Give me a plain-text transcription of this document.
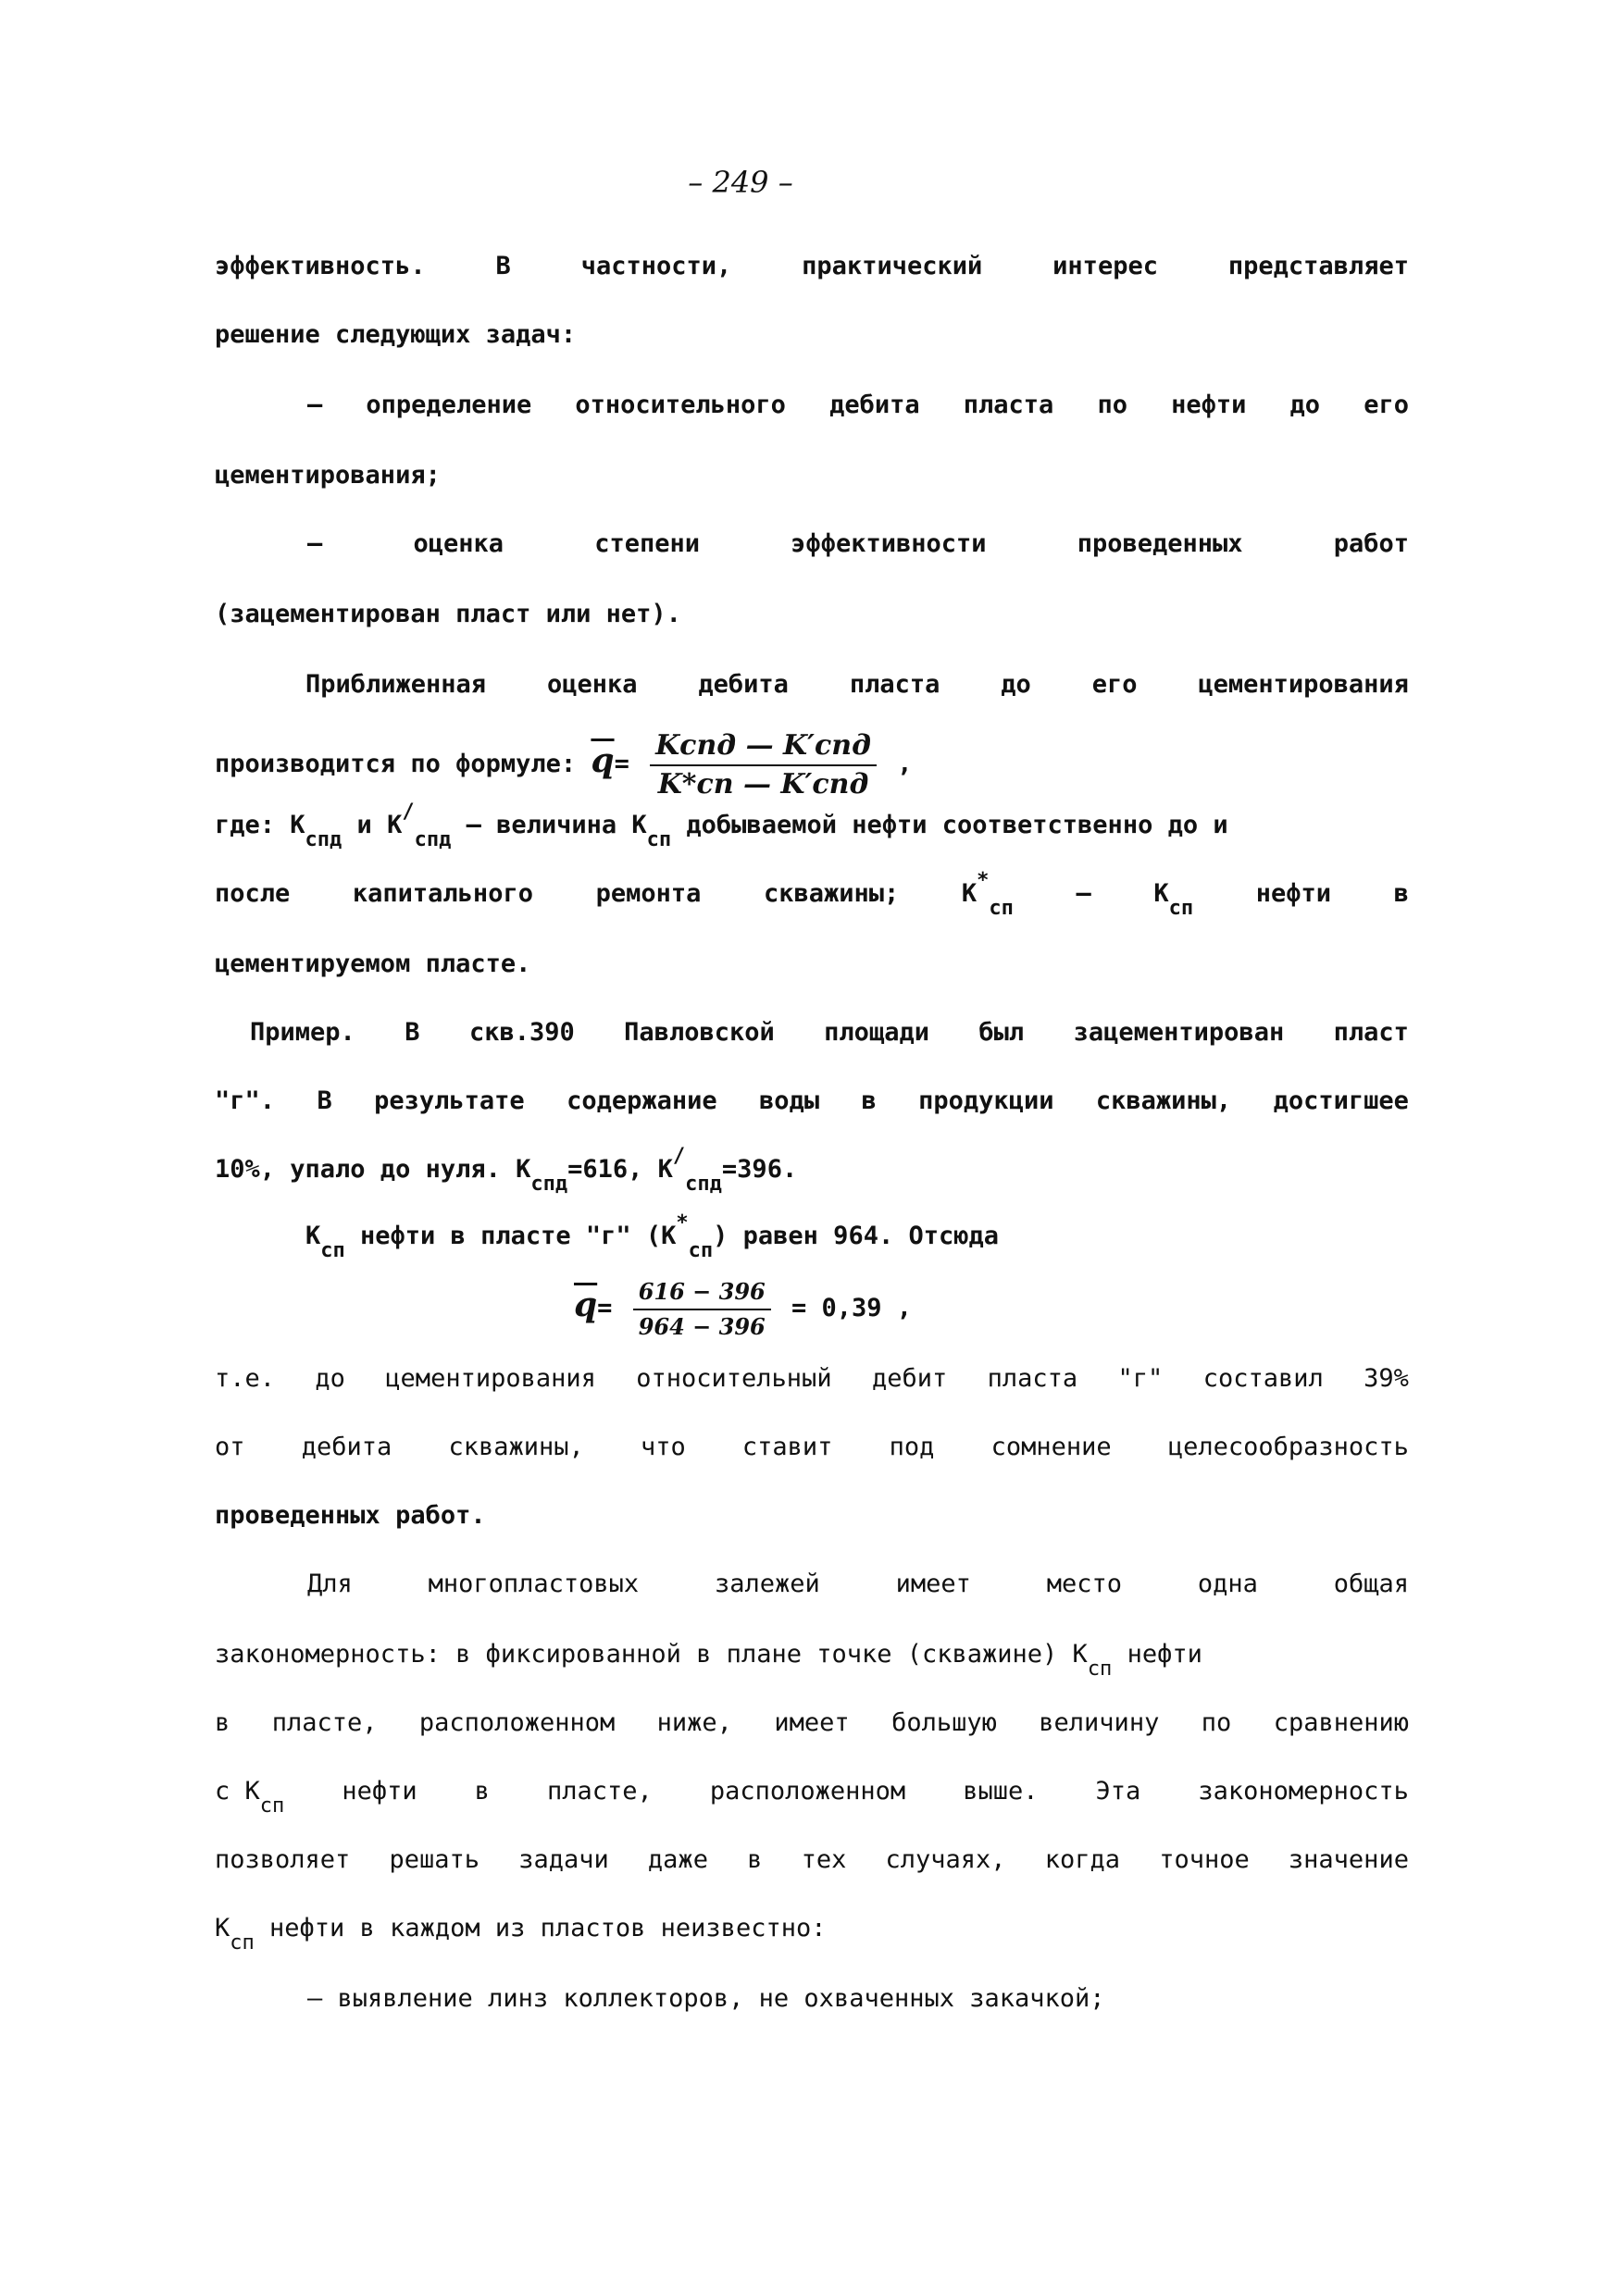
– 249 –
эффективность.	В	частности,	практический	интерес	представляет
решение следующих задач:
– определение относительного дебита пласта по нефти до его
цементирования;
–	оценка	степени	эффективности	проведенных	работ
(зацементирован пласт или нет).
Приближенная оценка дебита пласта до его цементирования
производится по формуле: $\overline{q}= \frac{\text{Kспд — K′спд}}{\text{K*сп — K′спд}}$ ,
где: $K_{спд}$ и $K^/_{спд}$ – величина $K_{сп}$ добываемой нефти соответственно до и
после	капитального	ремонта	скважины;	K*сп
—	Kсп
нефти	в
цементируемом пласте.
Пример. В скв.390 Павловской площади был зацементирован пласт
"г". В результате содержание воды в продукции скважины, достигшее
10%, упало до нуля. $K_{спд}=616$, $K^/_{спд}=396$.
$K_{сп}$ нефти в пласте "г" $(K^*_{сп})$ равен 964. Отсюда
$\overline{q}= \frac{616 - 396}{964 - 396} = 0,39$ ,
т.е. до цементирования относительный дебит пласта "г" составил 39%
от дебита скважины, что ставит под сомнение целесообразность
проведенных работ.
Для	многопластовых	залежей	имеет	место	одна	общая
закономерность: в фиксированной в плане точке (скважине) $K_{сп}$ нефти
в пласте, расположенном ниже, имеет большую величину по сравнению
с Kсп
нефти в пласте, расположенном выше. Эта закономерность
позволяет решать задачи даже в тех случаях, когда точное значение
$K_{сп}$ нефти в каждом из пластов неизвестно:
– выявление линз коллекторов, не охваченных закачкой;
